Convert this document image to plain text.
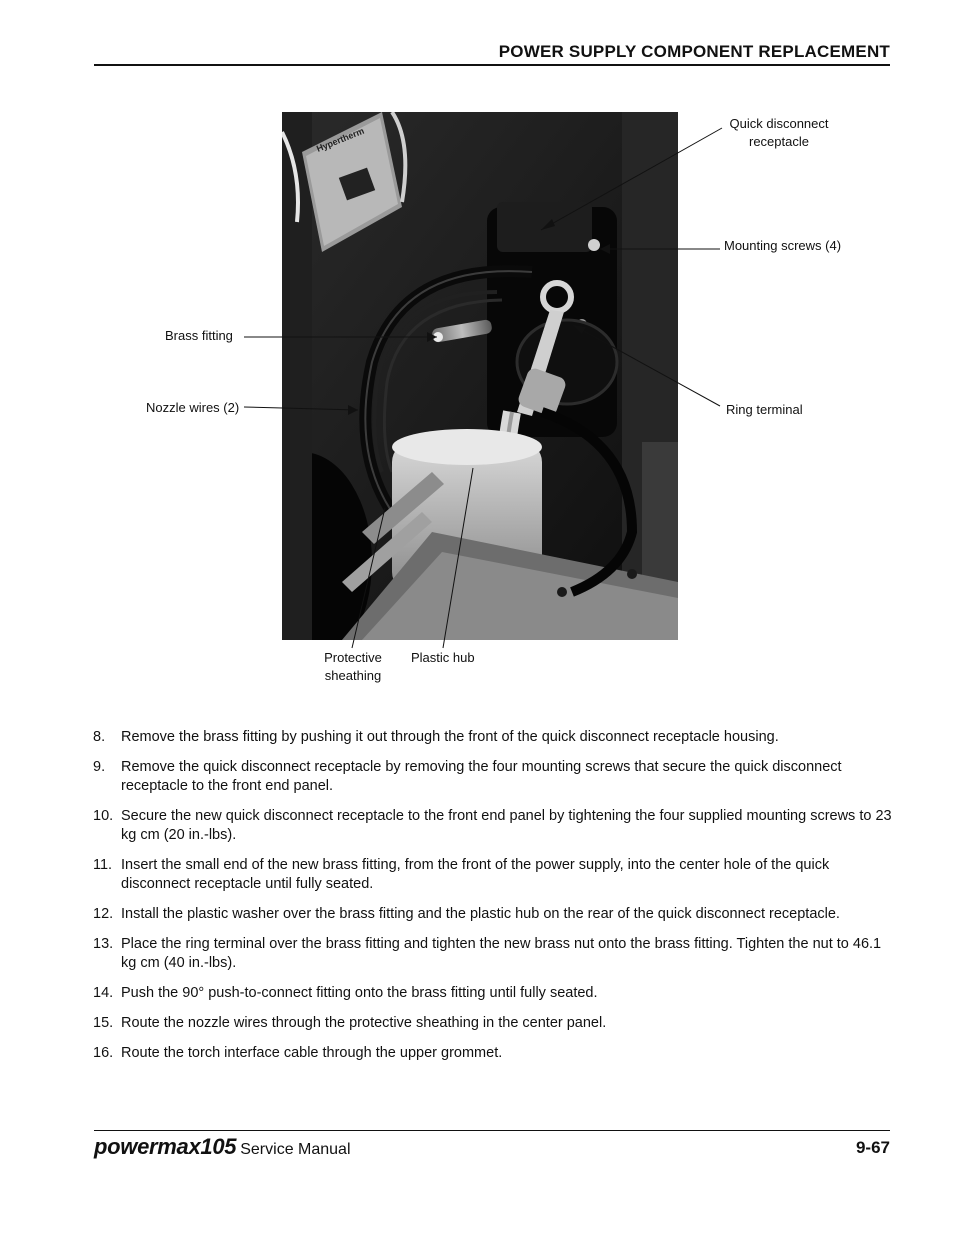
POWER SUPPLY COMPONENT REPLACEMENT
Hypertherm
Quick disconnect
receptacle
Mounting screws (4)
Brass fitting
Nozzle wires (2)	Ring terminal
Protective
sheathing
Plastic hub
8. Remove the brass fitting by pushing it out through the front of the quick disconnect receptacle housing.
9. Remove the quick disconnect receptacle by removing the four mounting screws that secure the quick disconnect receptacle to the front end panel.
10. Secure the new quick disconnect receptacle to the front end panel by tightening the four supplied mounting screws to 23 kg cm (20 in.-lbs).
11. Insert the small end of the new brass fitting, from the front of the power supply, into the center hole of the quick disconnect receptacle until fully seated.
12. Install the plastic washer over the brass fitting and the plastic hub on the rear of the quick disconnect receptacle.
13. Place the ring terminal over the brass fitting and tighten the new brass nut onto the brass fitting. Tighten the nut to 46.1 kg cm (40 in.-lbs).
14. Push the 90° push-to-connect fitting onto the brass fitting until fully seated.
15. Route the nozzle wires through the protective sheathing in the center panel.
16. Route the torch interface cable through the upper grommet.
powermax105 Service Manual	9-67
